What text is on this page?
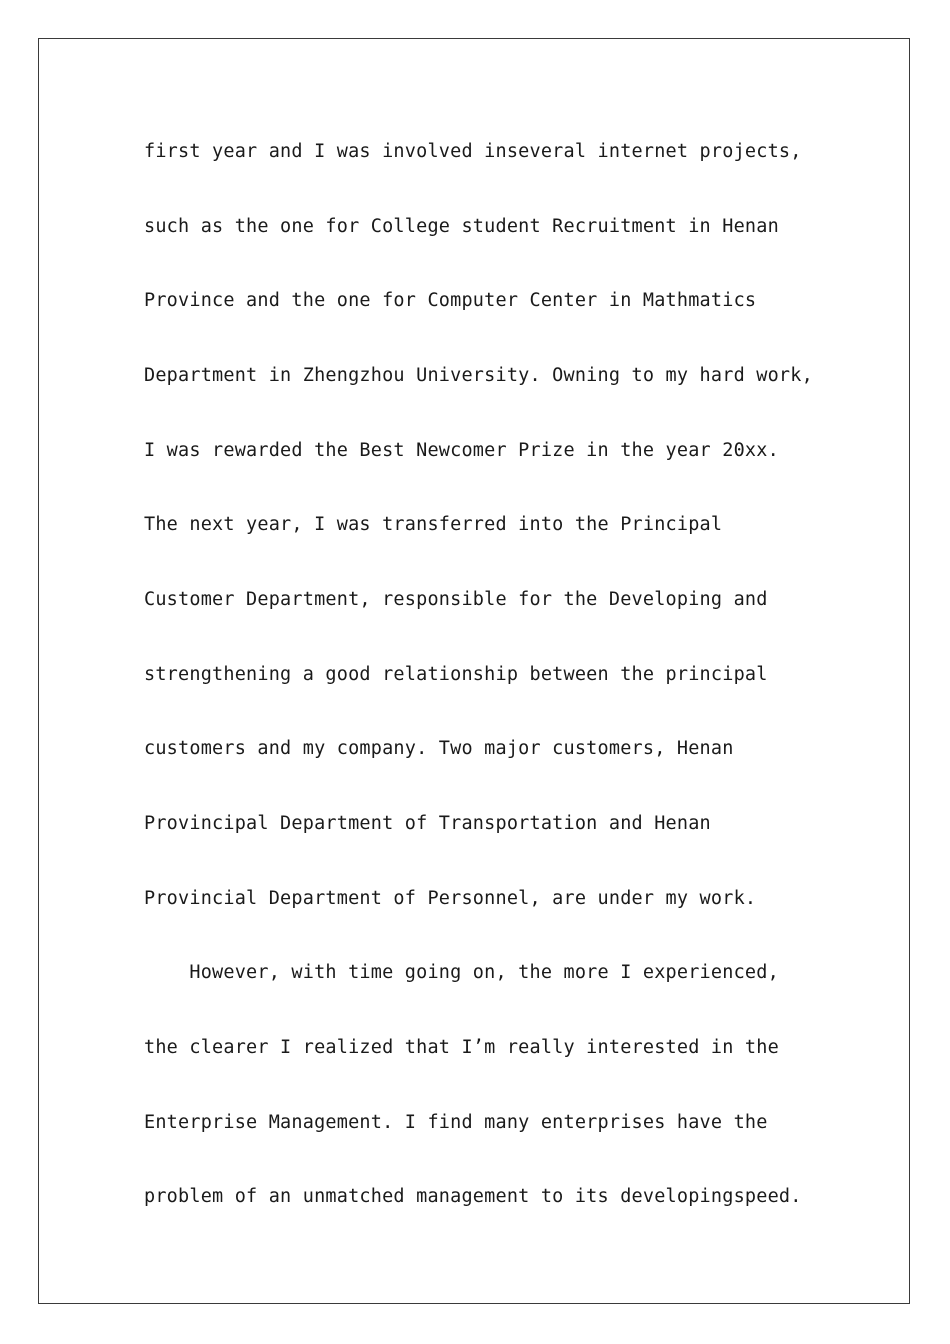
first year and I was involved inseveral internet projects,
such as the one for College student Recruitment in Henan
Province and the one for Computer Center in Mathmatics
Department in Zhengzhou University. Owning to my hard work,
I was rewarded the Best Newcomer Prize in the year 20xx.
The next year, I was transferred into the Principal
Customer Department, responsible for the Developing and
strengthening a good relationship between the principal
customers and my company. Two major customers, Henan
Provincipal Department of Transportation and Henan
Provincial Department of Personnel, are under my work.
However, with time going on, the more I experienced,
the clearer I realized that I’m really interested in the
Enterprise Management. I find many enterprises have the
problem of an unmatched management to its developingspeed.
